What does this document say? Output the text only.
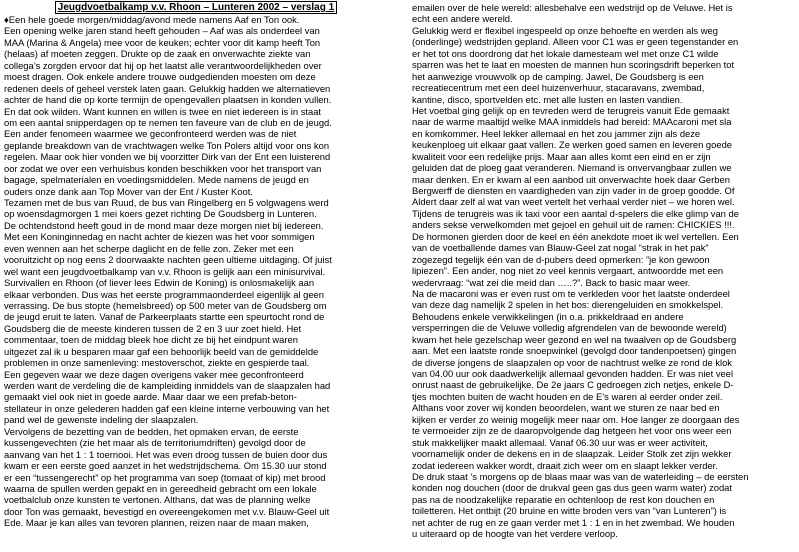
Jeugdvoetbalkamp v.v. Rhoon – Lunteren 2002 – verslag 1
♦Een hele goede morgen/middag/avond mede namens Aaf en Ton ook.
Een opening welke jaren stand heeft gehouden – Aaf was als onderdeel van
MAA (Marina & Angela) mee voor de keuken; echter voor dit kamp heeft Ton
(helaas) af moeten zeggen. Drukte op de zaak en onverwachte ziekte van
collega’s zorgden ervoor dat hij op het laatst alle verantwoordelijkheden over
moest dragen. Ook enkele andere trouwe oudgedienden moesten om deze
redenen deels of geheel verstek laten gaan. Gelukkig hadden we alternatieven
achter de hand die op korte termijn de opengevallen plaatsen in konden vullen.
En dat ook wilden. Want kunnen en willen is twee en niet iedereen is in staat
om een aantal snipperdagen op te nemen ten faveure van de club en de jeugd.
Een ander fenomeen waarmee we geconfronteerd werden was de niet
geplande breakdown van de vrachtwagen welke Ton Polers altijd voor ons kon
regelen. Maar ook hier vonden we bij voorzitter Dirk van der Ent een luisterend
oor zodat we over een verhuisbus konden beschikken voor het transport van
bagage, spelmaterialen en voedingsmiddelen. Mede namens de jeugd en
ouders onze dank aan Top Mover van der Ent / Kuster Koot.
Tezamen met de bus van Ruud, de bus van Ringelberg en 5 volgwagens werd
op woensdagmorgen 1 mei koers gezet richting De Goudsberg in Lunteren.
De ochtendstond heeft goud in de mond maar deze morgen niet bij iedereen.
Met een Koninginnedag en nacht achter de kiezen was het voor sommigen
even wennen aan het scherpe daglicht en de felle zon. Zeker met een
vooruitzicht op nog eens 2 doorwaakte nachten geen ultieme uitdaging. Of juist
wel want een jeugdvoetbalkamp van v.v. Rhoon is gelijk aan een minisurvival.
Survivallen en Rhoon (of liever lees Edwin de Koning) is onlosmakelijk aan
elkaar verbonden. Dus was het eerste programmaonderdeel eigenlijk al geen
verrassing. De bus stopte (hemelsbreed) op 500 meter van de Goudsberg om
de jeugd eruit te laten. Vanaf de Parkeerplaats startte een speurtocht rond de
Goudsberg die de meeste kinderen tussen de 2 en 3 uur zoet hield. Het
commentaar, toen de middag bleek hoe dicht ze bij het eindpunt waren
uitgezet zal ik u besparen maar gaf een behoorlijk beeld van de gemiddelde
problemen in onze samenleving: mestoverschot, ziekte en gespierde taal.
Een gegeven waar we deze dagen overigens vaker mee geconfronteerd
werden want de verdeling die de kampleiding inmiddels van de slaapzalen had
gemaakt viel ook niet in goede aarde. Maar daar we een prefab-beton-
stellateur in onze gelederen hadden gaf een kleine interne verbouwing van het
pand wel de gewenste indeling der slaapzalen.
Vervolgens de bezetting van de bedden, het opmaken ervan, de eerste
kussengevechten (zie het maar als de territoriumdriften) gevolgd door de
aanvang van het 1 : 1 toernooi. Het was even droog tussen de buien door dus
kwam er een eerste goed aanzet in het wedstrijdschema. Om 15.30 uur stond
er een “tussengerecht” op het programma van soep (tomaat of kip) met brood
waarna de spullen werden gepakt en in gereedheid gebracht om een lokale
voetbalclub onze kunsten te vertonen. Althans, dat was de planning welke
door Ton was gemaakt, bevestigd en overeengekomen met v.v. Blauw-Geel uit
Ede. Maar je kan alles van tevoren plannen, reizen naar de maan maken,
emailen over de hele wereld: allesbehalve een wedstrijd op de Veluwe. Het is
echt een andere wereld.
Gelukkig werd er flexibel ingespeeld op onze behoefte en werden als weg
(onderlinge) wedstrijden gepland. Alleen voor C1 was er geen tegenstander en
er het tot ons doordrong dat het lokale damesteam wel met onze C1 wilde
sparren was het te laat en moesten de mannen hun scoringsdrift beperken tot
het aanwezige vrouwvolk op de camping. Jawel, De Goudsberg is een
recreatiecentrum met een deel huizenverhuur, stacaravans, zwembad,
kantine, disco, sportvelden etc. met alle lusten en lasten vandien.
Het voetbal ging gelijk op en tevreden werd de terugreis vanuit Ede gemaakt
naar de warme maaltijd welke MAA inmiddels had bereid: MAAcaroni met sla
en komkommer. Heel lekker allemaal en het zou jammer zijn als deze
keukenploeg uit elkaar gaat vallen. Ze werken goed samen en leveren goede
kwaliteit voor een redelijke prijs. Maar aan alles komt een eind en er zijn
geluiden dat de ploeg gaat veranderen. Niemand is onvervangbaar zullen we
maar denken. En er kwam al een aanbod uit onverwachte hoek daar Gerben
Bergwerff de diensten en vaardigheden van zijn vader in de groep goodde. Of
Aldert daar zelf al wat van weet vertelt het verhaal verder niet – we horen wel.
Tijdens de terugreis was ik taxi voor een aantal d-spelers die elke glimp van de
anders sekse verwelkomden met gejoel en gehuil uit de ramen: CHICKIES !!!.
De hormonen gierden door de keel en één anekdote moet ik wel vertellen. Een
van de voetballende dames van Blauw-Geel zat nogal “strak in het pak”
zogezegd tegelijk één van de d-pubers deed opmerken: ”je kon gewoon
lipiezen”. Een ander, nog niet zo veel kennis vergaart, antwoordde met een
wedervraag: “wat zei die meid dan …..?”. Back to basic maar weer.
Na de macaroni was er even rust om te verkleden voor het laatste onderdeel
van deze dag namelijk 2 spelen in het bos: dierengeluiden en smokkelspel.
Behoudens enkele verwikkelingen (in o.a. prikkeldraad en andere
versperringen die de Veluwe volledig afgrendelen van de bewoonde wereld)
kwam het hele gezelschap weer gezond en wel na twaalven op de Goudsberg
aan. Met een laatste ronde snoepwinkel (gevolgd door tandenpoetsen) gingen
de diverse jongens de slaapzalen op voor de nachtrust welke ze rond de klok
van 04.00 uur ook daadwerkelijk allemaal gevonden hadden. Er was niet veel
onrust naast de gebruikelijke. De 2e jaars C gedroegen zich netjes, enkele D-
tjes mochten buiten de wacht houden en de E’s waren al eerder onder zeil.
Althans voor zover wij konden beoordelen, want we sturen ze naar bed en
kijken er verder zo weinig mogelijk meer naar om. Hoe langer ze doorgaan des
te vermoeider zijn ze de daaropvolgende dag hetgeen het voor ons weer een
stuk makkelijker maakt allemaal. Vanaf 06.30 uur was er weer activiteit,
voornamelijk onder de dekens en in de slaapzak. Leider Stolk zet zijn wekker
zodat iedereen wakker wordt, draait zich weer om en slaapt lekker verder.
De druk staat ’s morgens op de blaas maar was van de waterleiding – de eersten
konden nog douchen (door de drukval geen gas dus geen warm water) zodat
pas na de noodzakelijke reparatie en ochtenloop de rest kon douchen en
toiletteren. Het ontbijt (20 bruine en witte broden vers van “van Lunteren”) is
net achter de rug en ze gaan verder met 1 : 1 en in het zwembad. We houden
u uiteraard op de hoogte van het verdere verloop.
